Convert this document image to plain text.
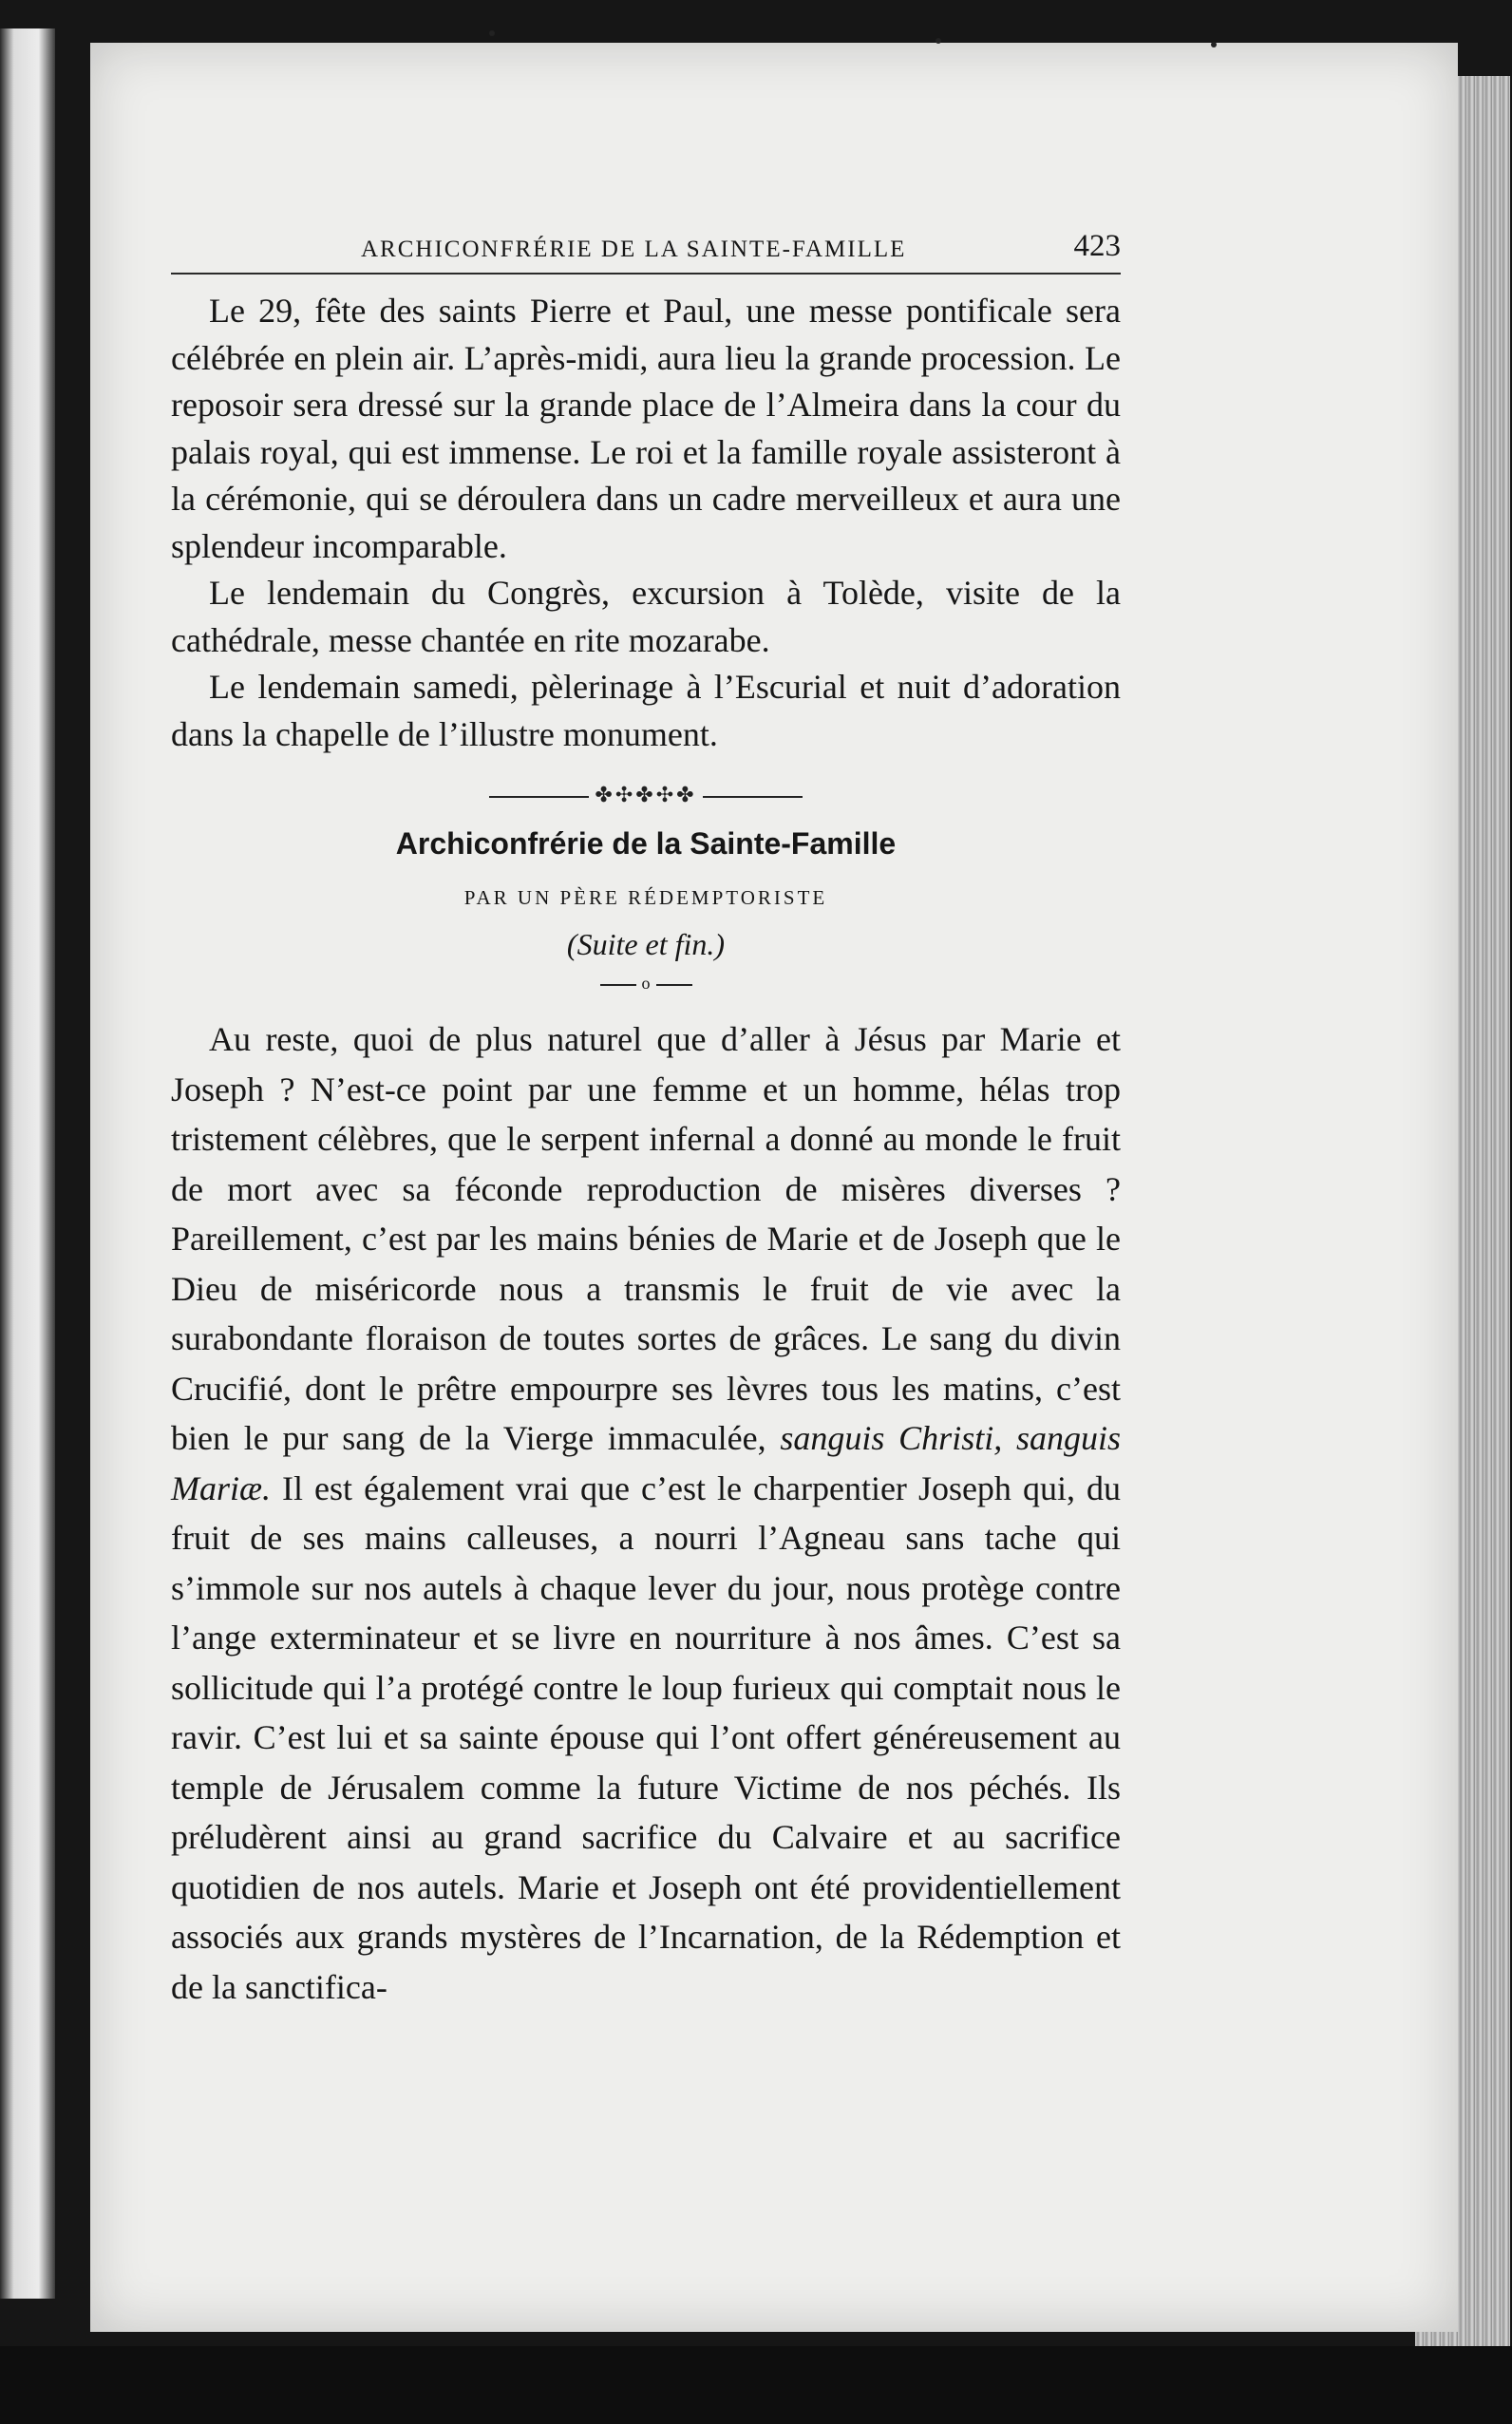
ARCHICONFRÉRIE DE LA SAINTE-FAMILLE	423

Le 29, fête des saints Pierre et Paul, une messe pontificale sera célébrée en plein air. L’après-midi, aura lieu la grande procession. Le reposoir sera dressé sur la grande place de l’Almeira dans la cour du palais royal, qui est immense. Le roi et la famille royale assisteront à la cérémonie, qui se déroulera dans un cadre merveilleux et aura une splendeur incomparable.

Le lendemain du Congrès, excursion à Tolède, visite de la cathédrale, messe chantée en rite mozarabe.

Le lendemain samedi, pèlerinage à l’Escurial et nuit d’adoration dans la chapelle de l’illustre monument.

✤✣✤✣✤
Archiconfrérie de la Sainte-Famille
PAR UN PÈRE RÉDEMPTORISTE
(Suite et fin.)
o

Au reste, quoi de plus naturel que d’aller à Jésus par Marie et Joseph ? N’est-ce point par une femme et un homme, hélas trop tristement célèbres, que le serpent infernal a donné au monde le fruit de mort avec sa féconde reproduction de misères diverses ? Pareillement, c’est par les mains bénies de Marie et de Joseph que le Dieu de miséricorde nous a transmis le fruit de vie avec la surabondante floraison de toutes sortes de grâces. Le sang du divin Crucifié, dont le prêtre empourpre ses lèvres tous les matins, c’est bien le pur sang de la Vierge immaculée, sanguis Christi, sanguis Mariæ. Il est également vrai que c’est le charpentier Joseph qui, du fruit de ses mains calleuses, a nourri l’Agneau sans tache qui s’immole sur nos autels à chaque lever du jour, nous protège contre l’ange exterminateur et se livre en nourriture à nos âmes. C’est sa sollicitude qui l’a protégé contre le loup furieux qui comptait nous le ravir. C’est lui et sa sainte épouse qui l’ont offert généreusement au temple de Jérusalem comme la future Victime de nos péchés. Ils préludèrent ainsi au grand sacrifice du Calvaire et au sacrifice quotidien de nos autels. Marie et Joseph ont été providentiellement associés aux grands mystères de l’Incarnation, de la Rédemption et de la sanctifica-
